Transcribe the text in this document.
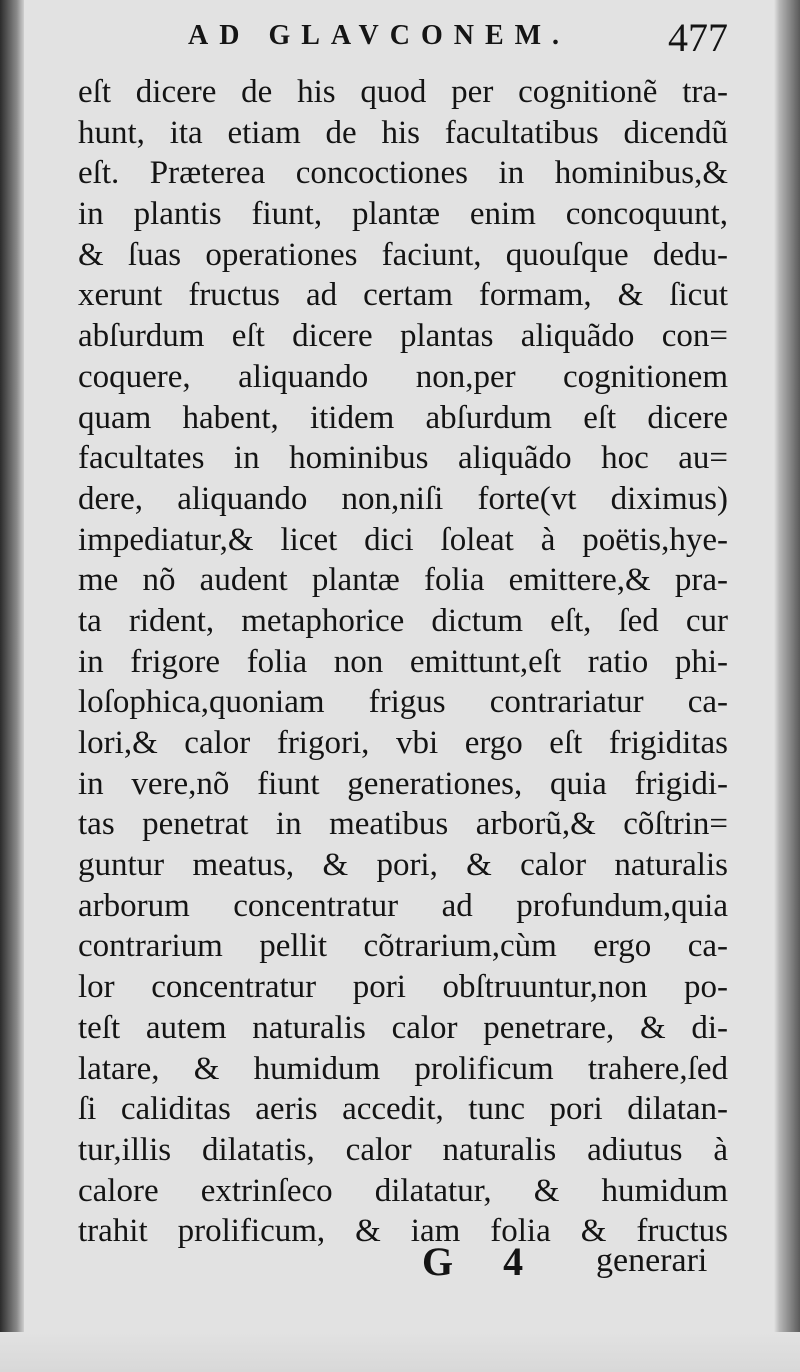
AD GLAVCONEM. 477
eſt dicere de his quod per cognitionẽ tra-
hunt, ita etiam de his facultatibus dicendũ
eſt. Prætereа concoctiones in hominibus,&
in plantis fiunt, plantæ enim concoquunt,
& ſuas operationes faciunt, quouſque dedu-
xerunt fructus ad certam formam, & ſicut
abſurdum eſt dicere plantas aliquãdo con=
coquere, aliquando non,per cognitionem
quam habent, itidem abſurdum eſt dicere
facultates in hominibus aliquãdo hoc au=
dere, aliquando non,niſi forte(vt diximus)
impediatur,& licet dici ſoleat à poëtis,hye-
me nõ audent plantæ folia emittere,& pra-
ta rident, metaphorice dictum eſt, ſed cur
in frigore folia non emittunt,eſt ratio phi-
loſophica,quoniam frigus contrariatur ca-
lori,& calor frigori, vbi ergo eſt frigiditas
in vere,nõ fiunt generationes, quia frigidi-
tas penetrat in meatibus arborũ,& cõſtrin=
guntur meatus, & pori, & calor naturalis
arborum concentratur ad profundum,quia
contrarium pellit cõtrarium,cùm ergo ca-
lor concentratur pori obſtruuntur,non po-
teſt autem naturalis calor penetrare, & di-
latare, & humidum prolificum trahere,ſed
ſi caliditas aeris accedit, tunc pori dilatan-
tur,illis dilatatis, calor naturalis adiutus à
calore extrinſeco dilatatur, & humidum
trahit prolificum, & iam folia & fructus
G 4 generari
